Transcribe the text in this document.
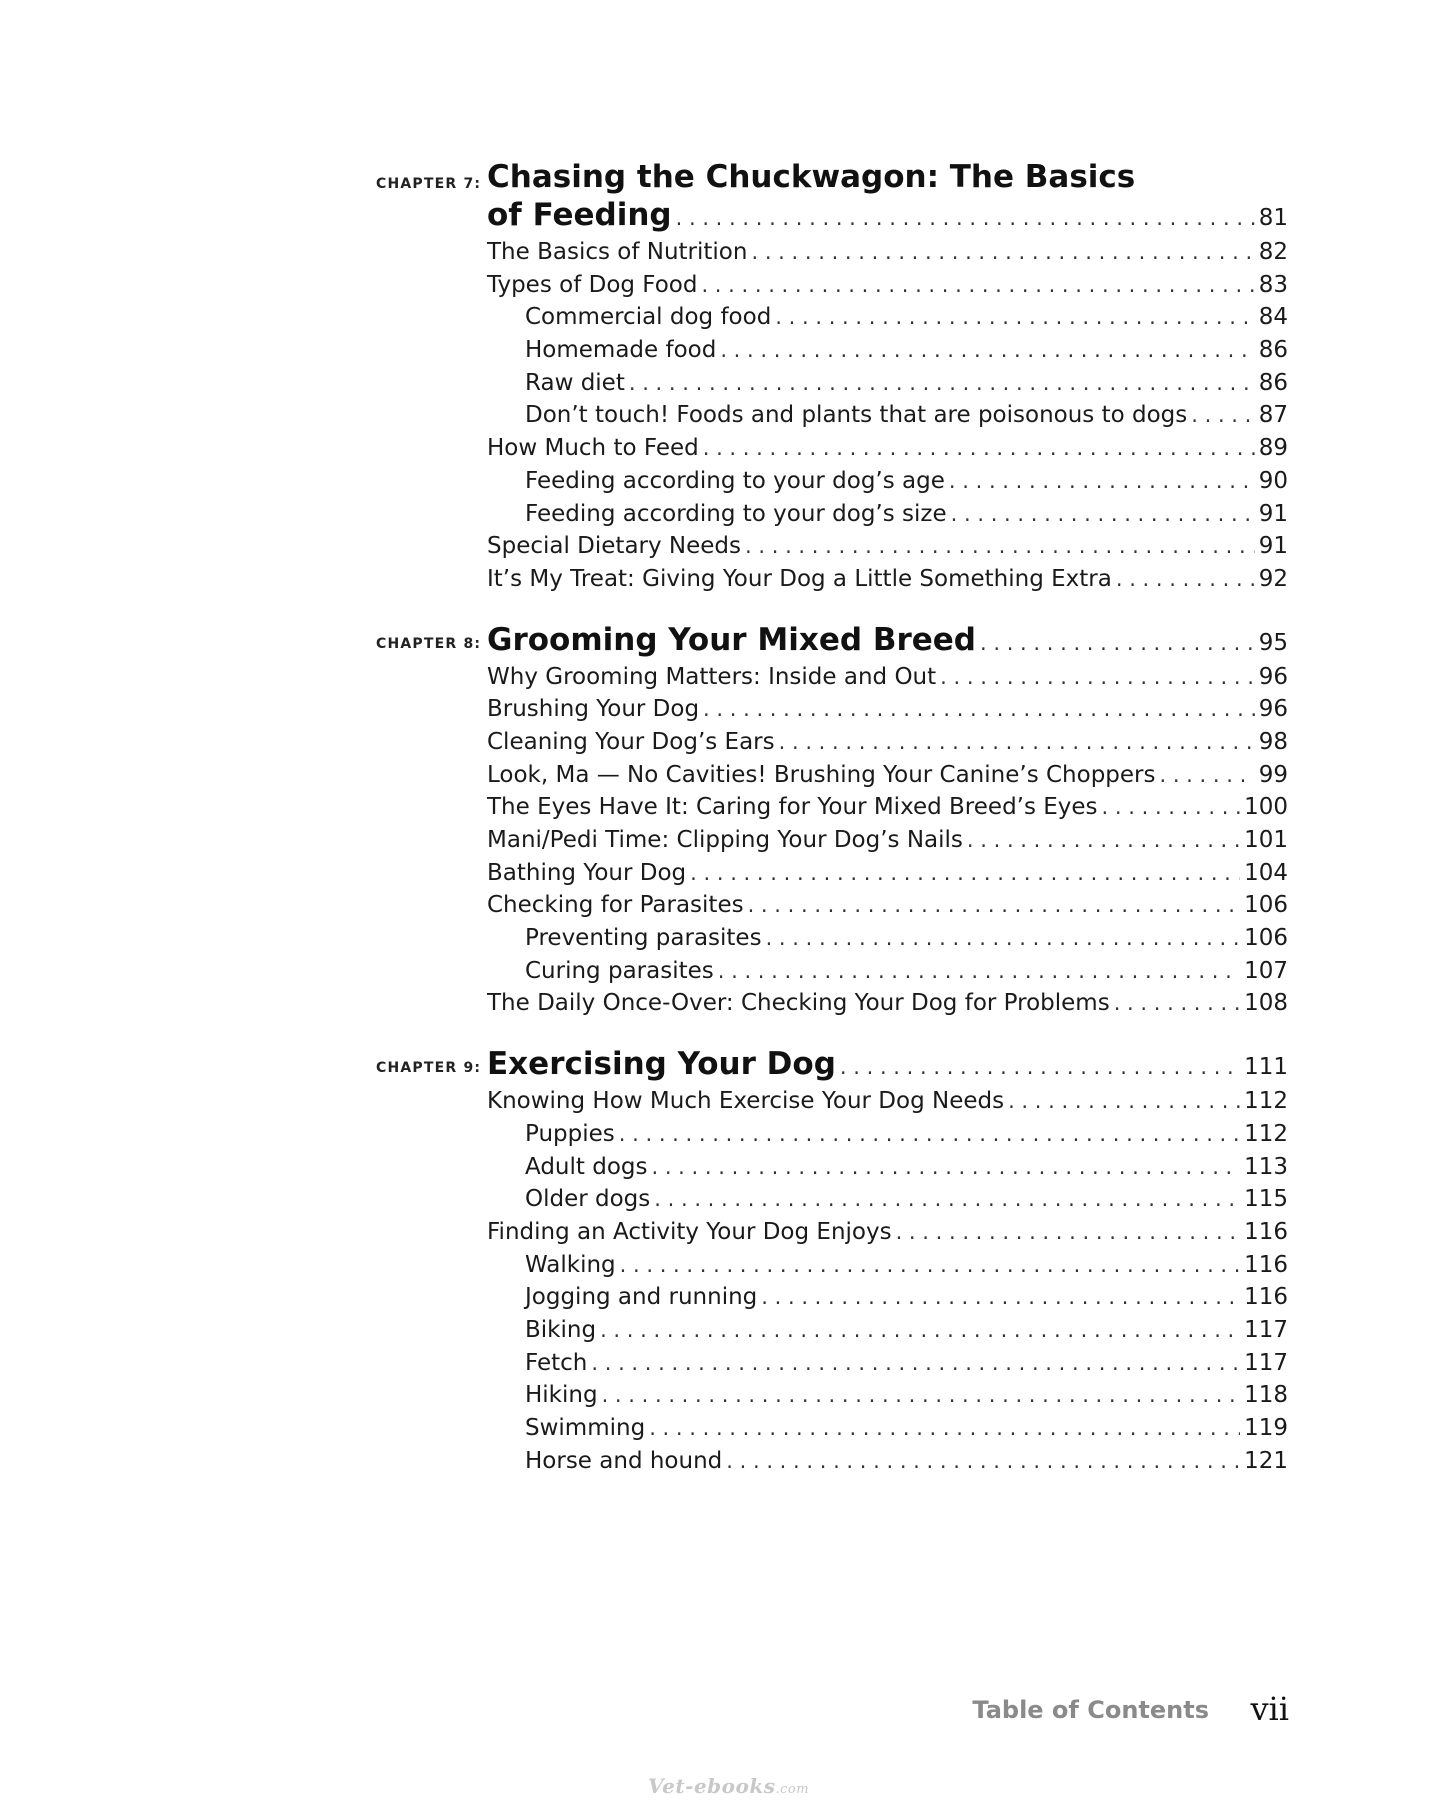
CHAPTER 7: Chasing the Chuckwagon: The Basics
of Feeding . . .	81
The Basics of Nutrition . . .	82
Types of Dog Food . . .	83
Commercial dog food . . .	84
Homemade food . . .	86
Raw diet . . .	86
Don’t touch! Foods and plants that are poisonous to dogs . . .	87
How Much to Feed . . .	89
Feeding according to your dog’s age . . .	90
Feeding according to your dog’s size . . .	91
Special Dietary Needs . . .	91
It’s My Treat: Giving Your Dog a Little Something Extra . . .	92
CHAPTER 8: Grooming Your Mixed Breed . . .	95
Why Grooming Matters: Inside and Out . . .	96
Brushing Your Dog . . .	96
Cleaning Your Dog’s Ears . . .	98
Look, Ma — No Cavities! Brushing Your Canine’s Choppers . . .	99
The Eyes Have It: Caring for Your Mixed Breed’s Eyes . . .	100
Mani/Pedi Time: Clipping Your Dog’s Nails . . .	101
Bathing Your Dog . . .	104
Checking for Parasites . . .	106
Preventing parasites . . .	106
Curing parasites . . .	107
The Daily Once-Over: Checking Your Dog for Problems . . .	108
CHAPTER 9: Exercising Your Dog . . .	111
Knowing How Much Exercise Your Dog Needs . . .	112
Puppies . . .	112
Adult dogs . . .	113
Older dogs . . .	115
Finding an Activity Your Dog Enjoys . . .	116
Walking . . .	116
Jogging and running . . .	116
Biking . . .	117
Fetch . . .	117
Hiking . . .	118
Swimming . . .	119
Horse and hound . . .	121
Table of Contents vii
Vet-ebooks.com
